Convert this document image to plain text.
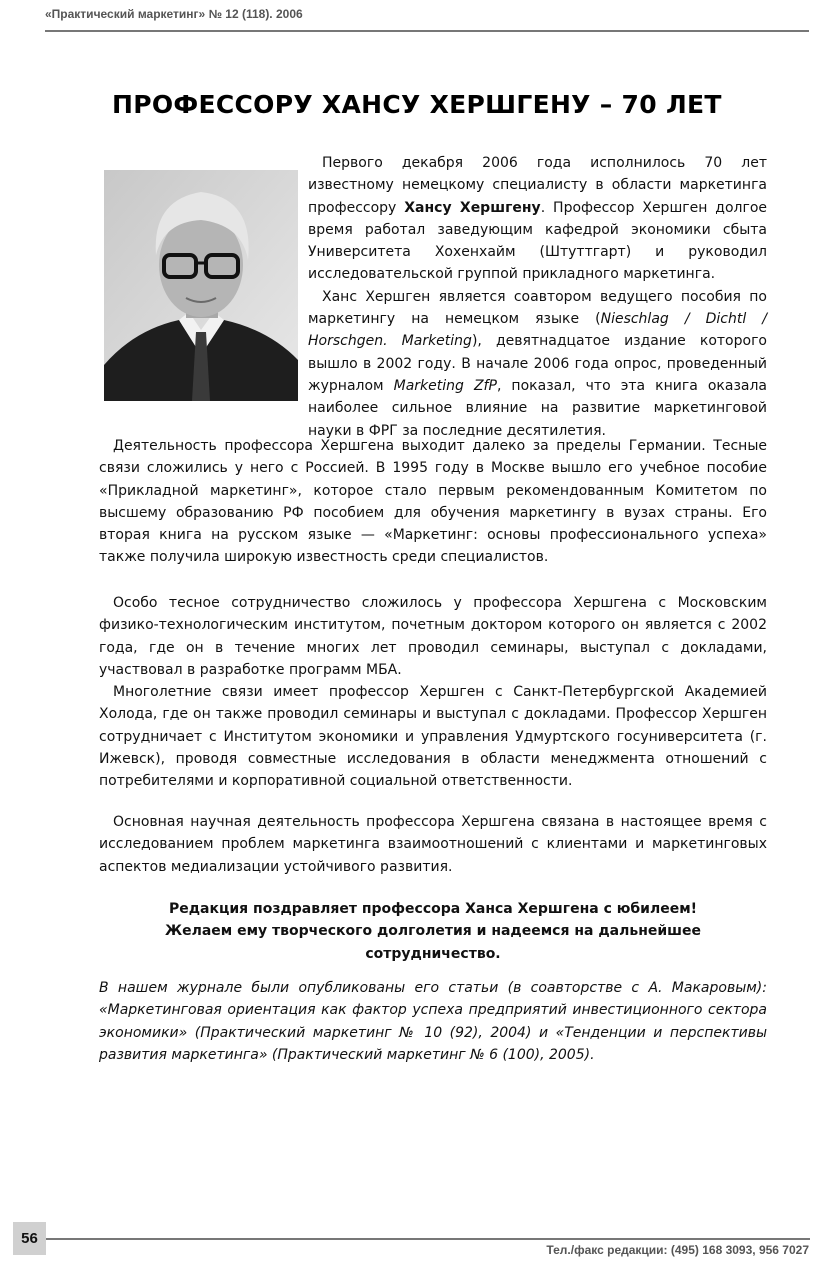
«Практический маркетинг» № 12 (118). 2006
ПРОФЕССОРУ ХАНСУ ХЕРШГЕНУ – 70 ЛЕТ

Первого декабря 2006 года исполнилось 70 лет известному немецкому специалисту в области маркетинга профессору Хансу Хершгену. Профессор Хершген долгое время работал заведующим кафедрой экономики сбыта Университета Хохенхайм (Штуттгарт) и руководил исследовательской группой прикладного маркетинга.

Ханс Хершген является соавтором ведущего пособия по маркетингу на немецком языке (Nieschlag / Dichtl / Horschgen. Marketing), девятнадцатое издание которого вышло в 2002 году. В начале 2006 года опрос, проведенный журналом Marketing ZfP, показал, что эта книга оказала наиболее сильное влияние на развитие маркетинговой науки в ФРГ за последние десятилетия.

Деятельность профессора Хершгена выходит далеко за пределы Германии. Тесные связи сложились у него с Россией. В 1995 году в Москве вышло его учебное пособие «Прикладной маркетинг», которое стало первым рекомендованным Комитетом по высшему образованию РФ пособием для обучения маркетингу в вузах страны. Его вторая книга на русском языке — «Маркетинг: основы профессионального успеха» также получила широкую известность среди специалистов.

Особо тесное сотрудничество сложилось у профессора Хершгена с Московским физико-технологическим институтом, почетным доктором которого он является с 2002 года, где он в течение многих лет проводил семинары, выступал с докладами, участвовал в разработке программ МБА.

Многолетние связи имеет профессор Хершген с Санкт-Петербургской Академией Холода, где он также проводил семинары и выступал с докладами. Профессор Хершген сотрудничает с Институтом экономики и управления Удмуртского госуниверситета (г. Ижевск), проводя совместные исследования в области менеджмента отношений с потребителями и корпоративной социальной ответственности.

Основная научная деятельность профессора Хершгена связана в настоящее время с исследованием проблем маркетинга взаимоотношений с клиентами и маркетинговых аспектов медиализации устойчивого развития.

Редакция поздравляет профессора Ханса Хершгена с юбилеем!

Желаем ему творческого долголетия и надеемся на дальнейшее сотрудничество.

В нашем журнале были опубликованы его статьи (в соавторстве с А. Макаровым): «Маркетинговая ориентация как фактор успеха предприятий инвестиционного сектора экономики» (Практический маркетинг № 10 (92), 2004) и «Тенденции и перспективы развития маркетинга» (Практический маркетинг № 6 (100), 2005).

56
Тел./факс редакции: (495) 168 3093, 956 7027
